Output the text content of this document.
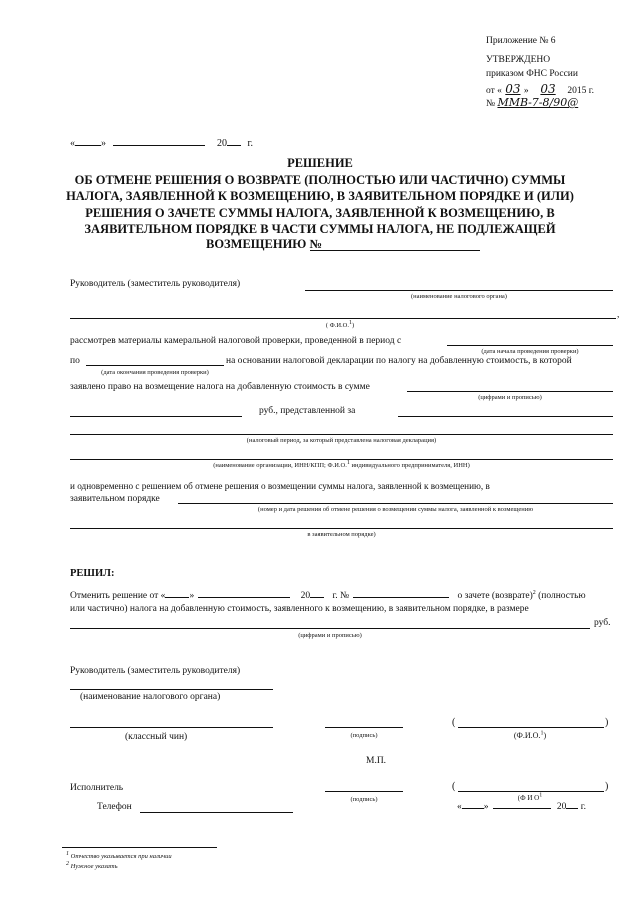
Приложение № 6
УТВЕРЖДЕНО
приказом ФНС России
от « 03 » 03 2015 г.
№ ММВ-7-8/90@
«	»	20 г.
РЕШЕНИЕ
ОБ ОТМЕНЕ РЕШЕНИЯ О ВОЗВРАТЕ (ПОЛНОСТЬЮ ИЛИ ЧАСТИЧНО) СУММЫ
НАЛОГА, ЗАЯВЛЕННОЙ К ВОЗМЕЩЕНИЮ, В ЗАЯВИТЕЛЬНОМ ПОРЯДКЕ И (ИЛИ)
РЕШЕНИЯ О ЗАЧЕТЕ СУММЫ НАЛОГА, ЗАЯВЛЕННОЙ К ВОЗМЕЩЕНИЮ, В
ЗАЯВИТЕЛЬНОМ ПОРЯДКЕ В ЧАСТИ СУММЫ НАЛОГА, НЕ ПОДЛЕЖАЩЕЙ
ВОЗМЕЩЕНИЮ №
Руководитель (заместитель руководителя)
(наименование налогового органа)
,
( Ф.И.О.$^1$)
рассмотрев материалы камеральной налоговой проверки, проведенной в период с
(дата начала проведения проверки)
по	на основании налоговой декларации по налогу на добавленную стоимость, в которой
(дата окончания проведения проверки)
заявлено право на возмещение налога на добавленную стоимость в сумме
(цифрами и прописью)
руб., представленной за
(налоговый период, за который представлена налоговая декларация)
(наименование организации, ИНН/КПП; Ф.И.О.$^1$ индивидуального предпринимателя, ИНН)
и одновременно с решением об отмене решения о возмещении суммы налога, заявленной к возмещению, в
заявительном порядке
(номер и дата решения об отмене решения о возмещении суммы налога, заявленной к возмещению
в заявительном порядке)
РЕШИЛ:
Отменить решение от «	»	20 г. №	о зачете (возврате)$^2$ (полностью
или частично) налога на добавленную стоимость, заявленного к возмещению, в заявительном порядке, в размере
руб.
(цифрами и прописью)
Руководитель (заместитель руководителя)
(наименование налогового органа)
(классный чин)	(подпись)
(	)
(Ф.И.О.$^1$)
М.П.
Исполнитель
(подпись)
(	)
(Ф И $О^1$
Телефон	« »	20 г.
$^1$ Отчество указывается при наличии
$^2$ Нужное указать
